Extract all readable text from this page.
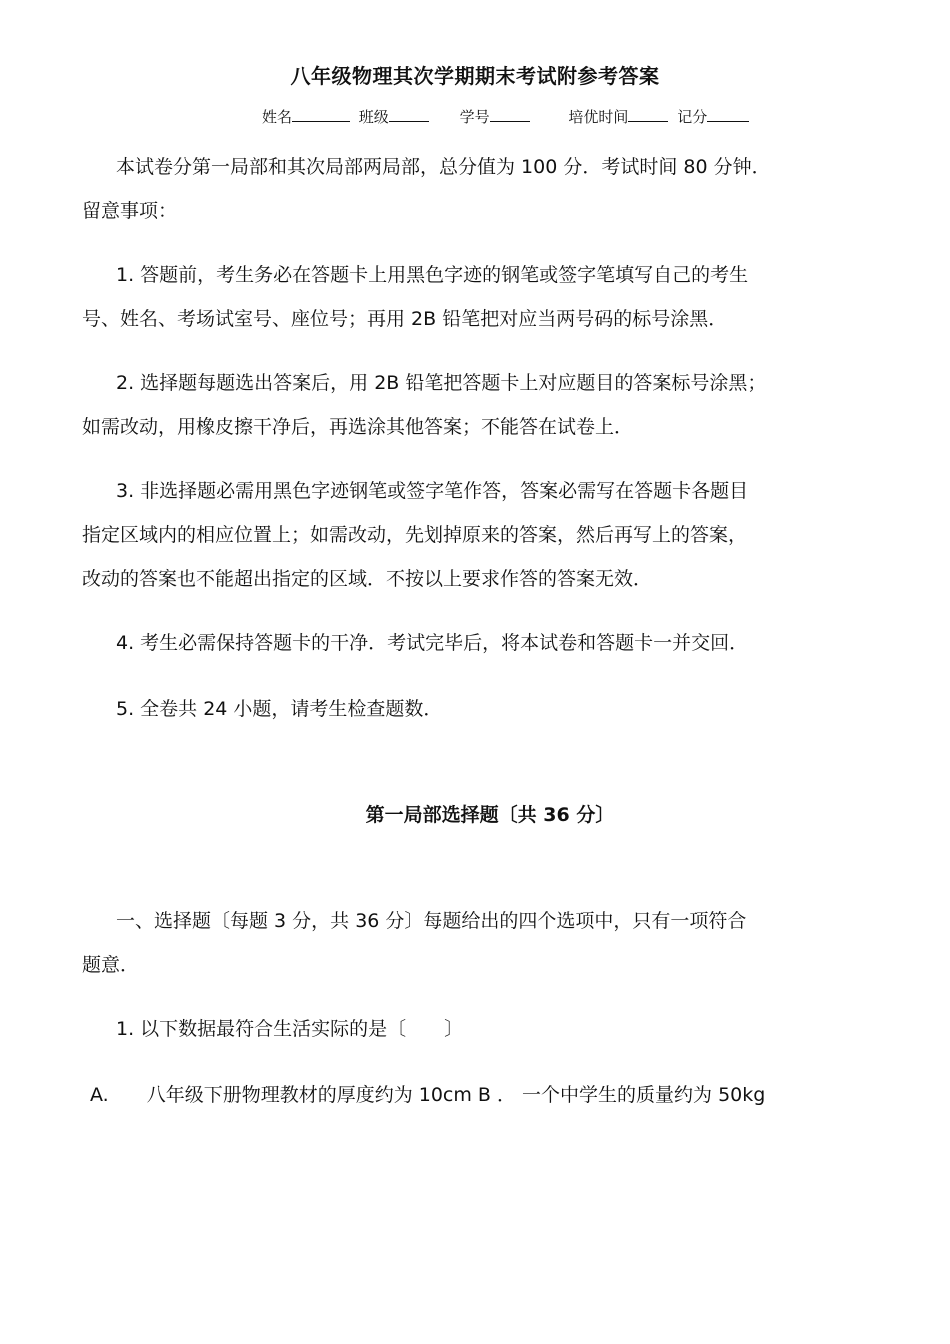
八年级物理其次学期期末考试附参考答案
姓名	班级	学号	培优时间	记分
本试卷分第一局部和其次局部两局部，总分值为 100 分．考试时间 80 分钟．
留意事项：
1. 答题前，考生务必在答题卡上用黑色字迹的钢笔或签字笔填写自己的考生
号、姓名、考场试室号、座位号；再用 2B 铅笔把对应当两号码的标号涂黑．
2. 选择题每题选出答案后，用 2B 铅笔把答题卡上对应题目的答案标号涂黑；
如需改动，用橡皮擦干净后，再选涂其他答案；不能答在试卷上．
3. 非选择题必需用黑色字迹钢笔或签字笔作答，答案必需写在答题卡各题目
指定区域内的相应位置上；如需改动，先划掉原来的答案，然后再写上的答案，
改动的答案也不能超出指定的区域．不按以上要求作答的答案无效．
4. 考生必需保持答题卡的干净．考试完毕后，将本试卷和答题卡一并交回．
5. 全卷共 24 小题，请考生检查题数．
第一局部选择题〔共 36 分〕
一、选择题〔每题 3 分，共 36 分〕每题给出的四个选项中，只有一项符合
题意．
1. 以下数据最符合生活实际的是〔　　〕
A.　　八年级下册物理教材的厚度约为 10cm B ． 一个中学生的质量约为 50kg
